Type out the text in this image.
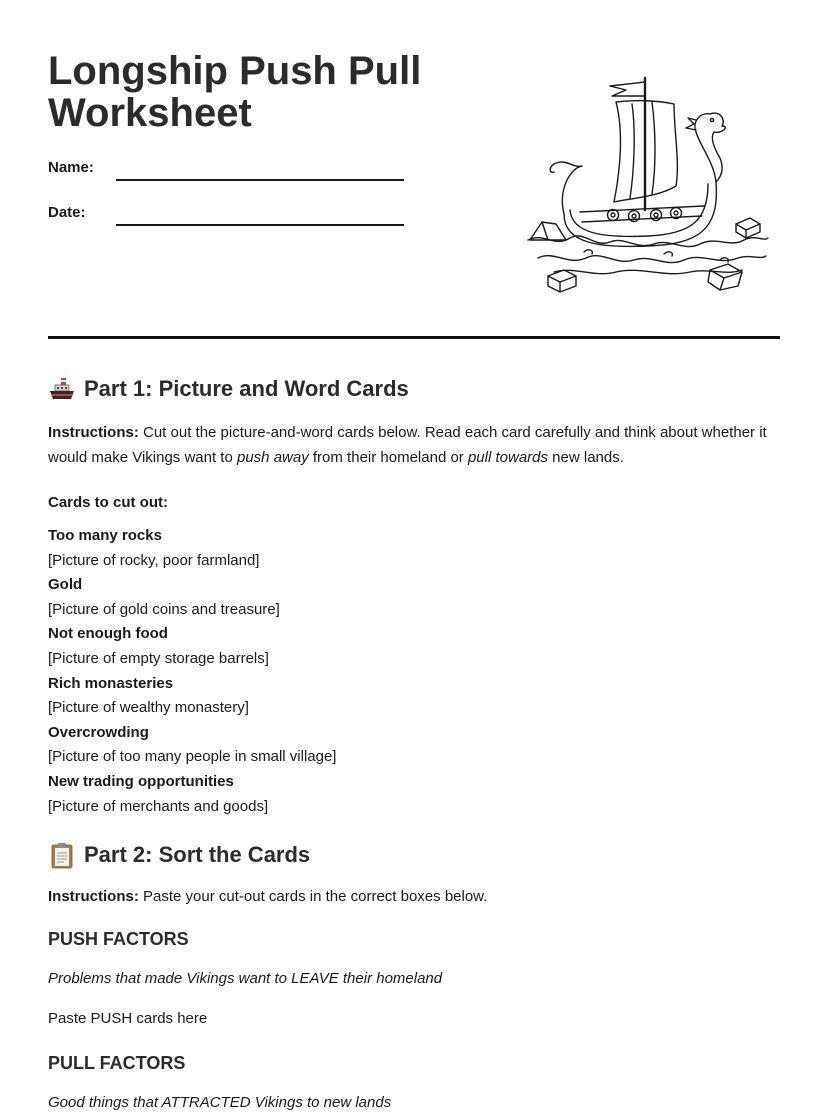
Longship Push Pull
Worksheet
Name:
Date:
Part 1: Picture and Word Cards

Instructions: Cut out the picture-and-word cards below. Read each card carefully and think about whether it would make Vikings want to push away from their homeland or pull towards new lands.

Cards to cut out:

Too many rocks

[Picture of rocky, poor farmland]

Gold

[Picture of gold coins and treasure]

Not enough food

[Picture of empty storage barrels]

Rich monasteries

[Picture of wealthy monastery]

Overcrowding

[Picture of too many people in small village]

New trading opportunities

[Picture of merchants and goods]

Part 2: Sort the Cards

Instructions: Paste your cut-out cards in the correct boxes below.

PUSH FACTORS

Problems that made Vikings want to LEAVE their homeland

Paste PUSH cards here

PULL FACTORS

Good things that ATTRACTED Vikings to new lands
